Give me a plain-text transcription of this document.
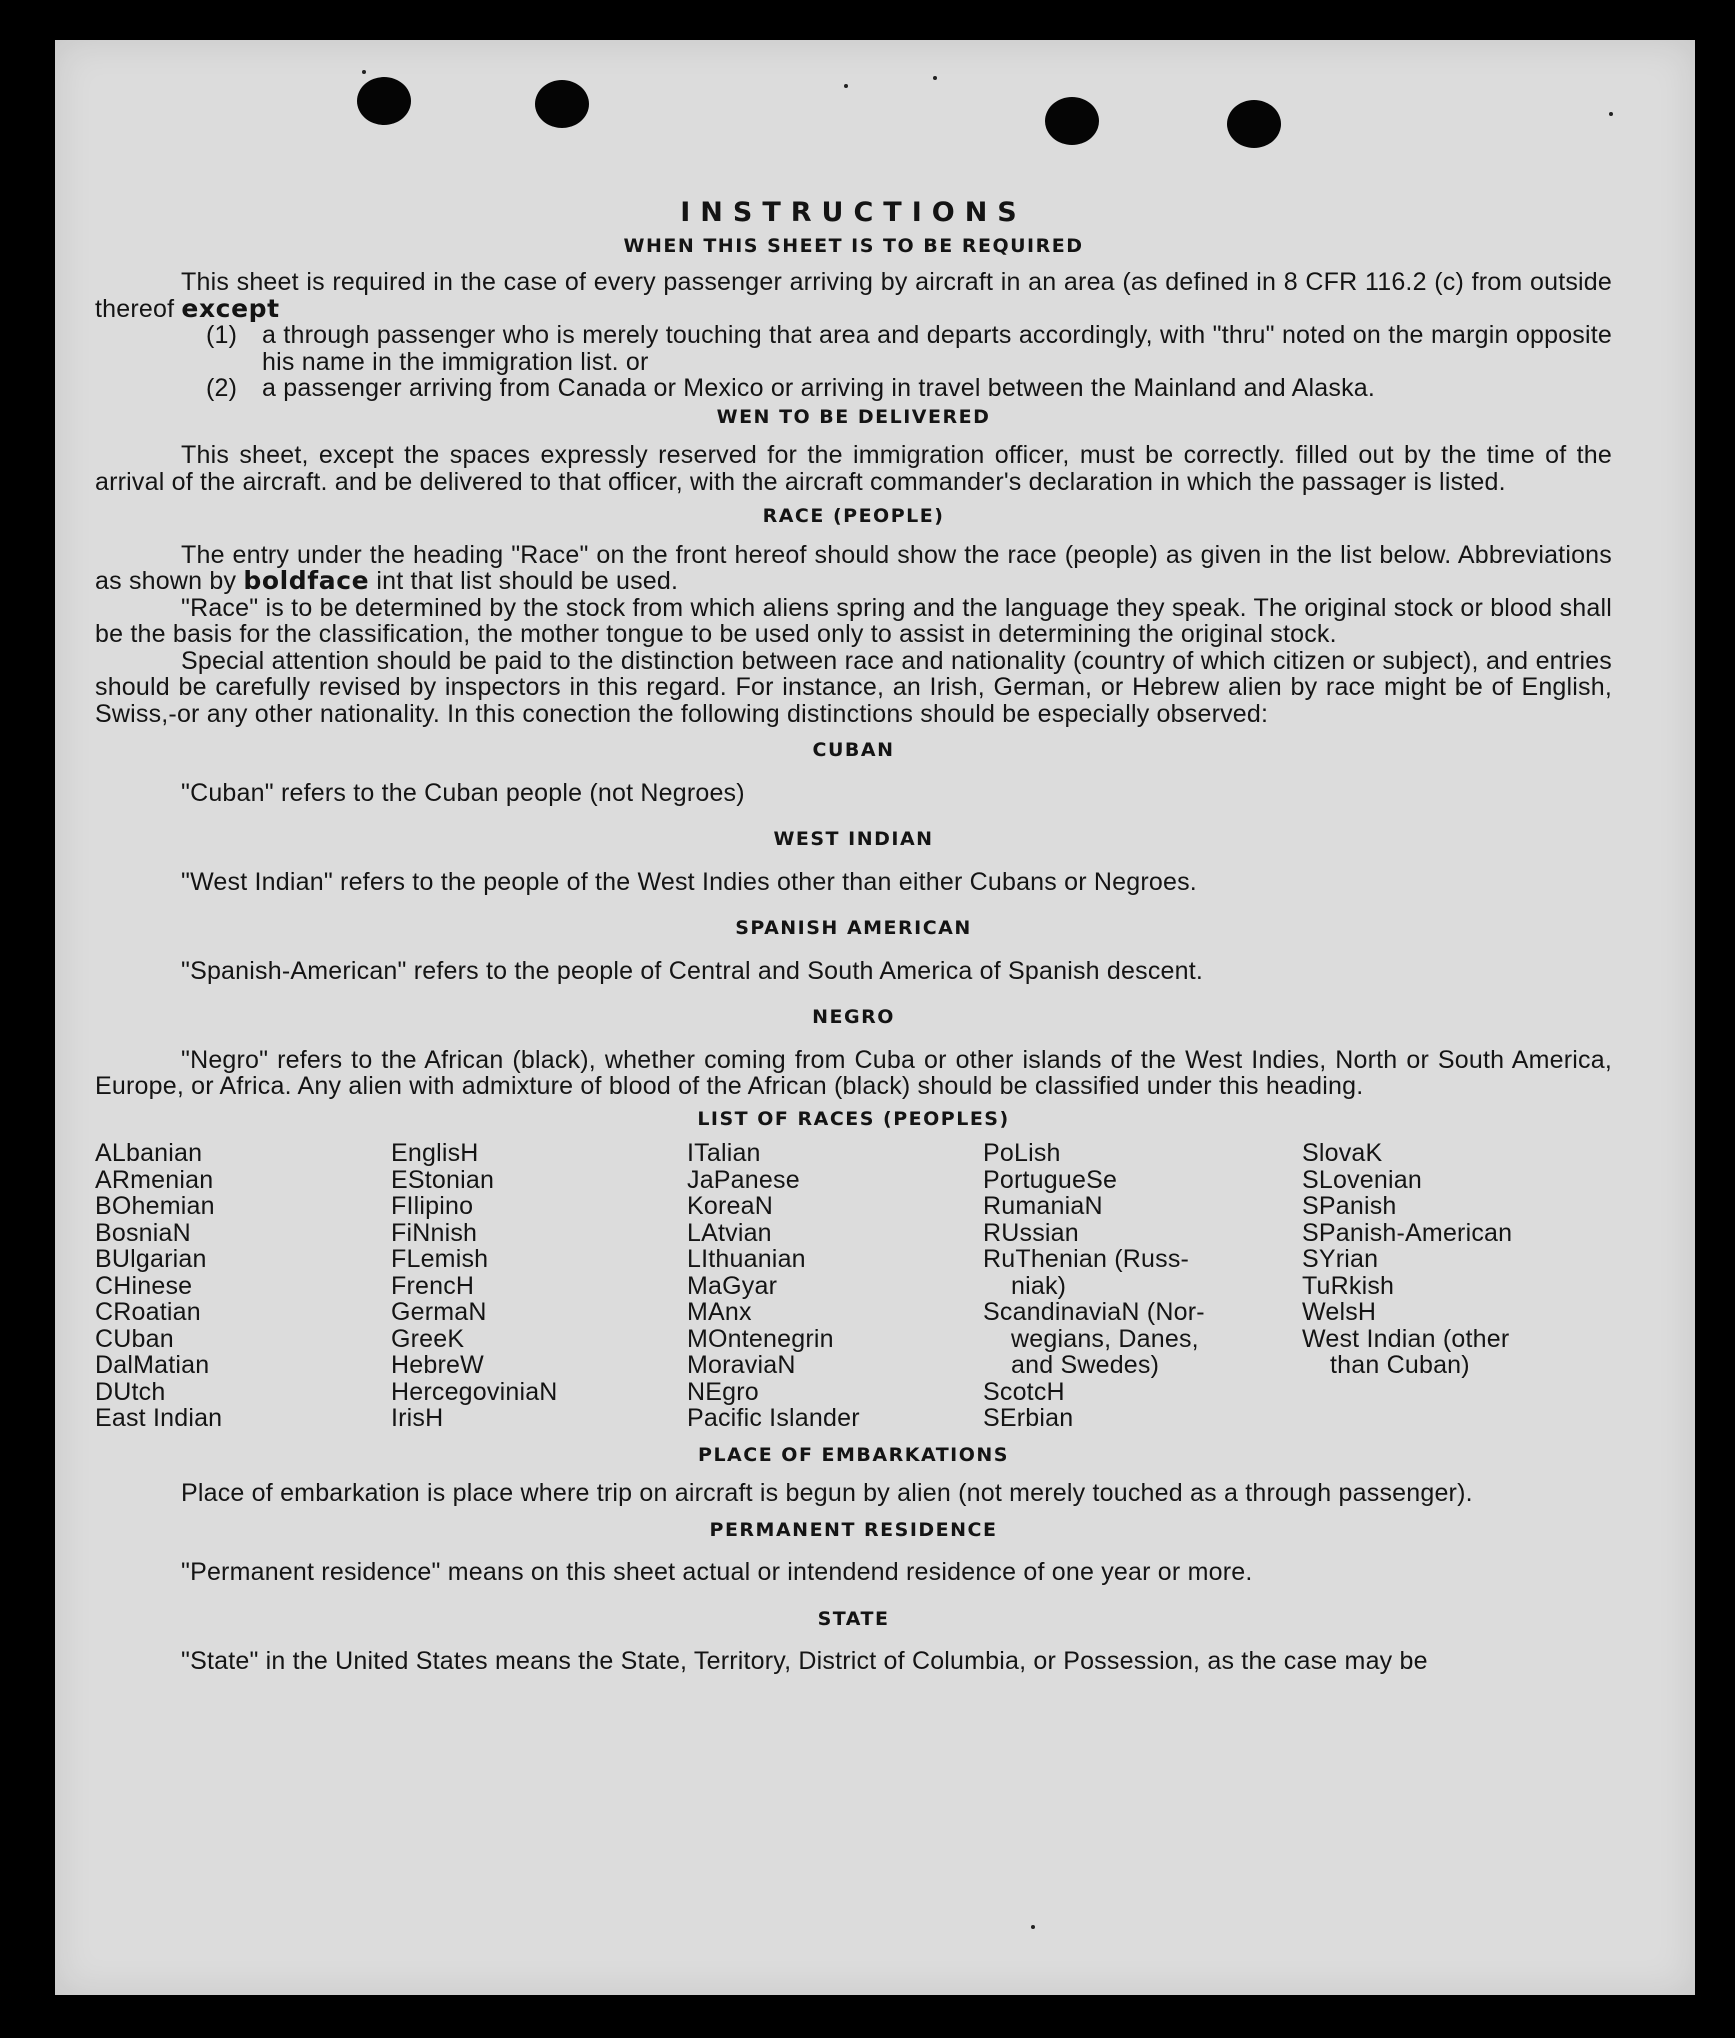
INSTRUCTIONS
WHEN THIS SHEET IS TO BE REQUIRED

This sheet is required in the case of every passenger arriving by aircraft in an area (as defined in 8 CFR 116.2 (c) from outside thereof except

(1) a through passenger who is merely touching that area and departs accordingly, with "thru" noted on the margin opposite his name in the immigration list. or
(2) a passenger arriving from Canada or Mexico or arriving in travel between the Mainland and Alaska.
WEN TO BE DELIVERED

This sheet, except the spaces expressly reserved for the immigration officer, must be correctly. filled out by the time of the arrival of the aircraft. and be delivered to that officer, with the aircraft commander's declaration in which the passager is listed.

RACE (PEOPLE)

The entry under the heading "Race" on the front hereof should show the race (people) as given in the list below. Abbreviations as shown by boldface int that list should be used.

"Race" is to be determined by the stock from which aliens spring and the language they speak. The original stock or blood shall be the basis for the classification, the mother tongue to be used only to assist in determining the original stock.

Special attention should be paid to the distinction between race and nationality (country of which citizen or subject), and entries should be carefully revised by inspectors in this regard. For instance, an Irish, German, or Hebrew alien by race might be of English, Swiss,-or any other nationality. In this conection the following distinctions should be especially observed:

CUBAN

"Cuban" refers to the Cuban people (not Negroes)

WEST INDIAN

"West Indian" refers to the people of the West Indies other than either Cubans or Negroes.

SPANISH AMERICAN

"Spanish-American" refers to the people of Central and South America of Spanish descent.

NEGRO

"Negro" refers to the African (black), whether coming from Cuba or other islands of the West Indies, North or South America, Europe, or Africa. Any alien with admixture of blood of the African (black) should be classified under this heading.

LIST OF RACES (PEOPLES)
ALbanian
ARmenian
BOhemian
BosniaN
BUlgarian
CHinese
CRoatian
CUban
DalMatian
DUtch
East Indian
EnglisH
EStonian
FIlipino
FiNnish
FLemish
FrencH
GermaN
GreeK
HebreW
HercegoviniaN
IrisH
ITalian
JaPanese
KoreaN
LAtvian
LIthuanian
MaGyar
MAnx
MOntenegrin
MoraviaN
NEgro
Pacific Islander
PoLish
PortugueSe
RumaniaN
RUssian
RuThenian (Russ-
niak)
ScandinaviaN (Nor-
wegians, Danes,
and Swedes)
ScotcH
SErbian
SlovaK
SLovenian
SPanish
SPanish-American
SYrian
TuRkish
WelsH
West Indian (other
than Cuban)
PLACE OF EMBARKATIONS

Place of embarkation is place where trip on aircraft is begun by alien (not merely touched as a through passenger).

PERMANENT RESIDENCE

"Permanent residence" means on this sheet actual or intendend residence of one year or more.

STATE

"State" in the United States means the State, Territory, District of Columbia, or Possession, as the case may be
